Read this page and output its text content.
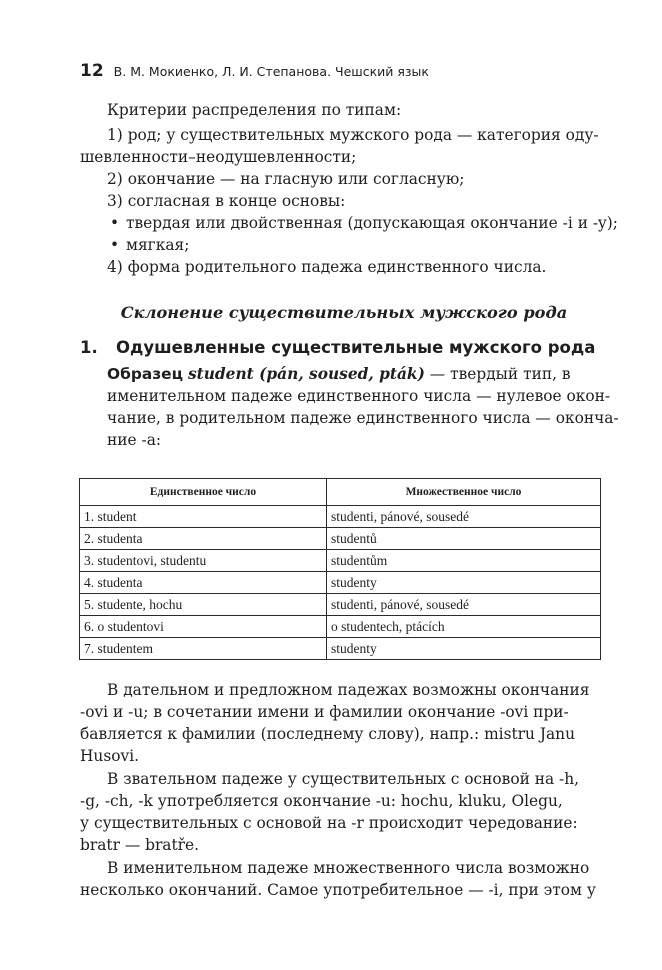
12 В. М. Мокиенко, Л. И. Степанова. Чешский язык
Критерии распределения по типам:
1) род; у существительных мужского рода — категория оду-
шевленности–неодушевленности;
2) окончание — на гласную или согласную;
3) согласная в конце основы:
• твердая или двойственная (допускающая окончание -i и -y);
• мягкая;
4) форма родительного падежа единственного числа.
Склонение существительных мужского рода
1. Одушевленные существительные мужского рода
Образец student (pán, soused, pták) — твердый тип, в
именительном падеже единственного числа — нулевое окон-
чание, в родительном падеже единственного числа — оконча-
ние -a:
Единственное число	Множественное число
1. student	studenti, pánové, sousedé
2. studenta	studentů
3. studentovi, studentu	studentům
4. studenta	studenty
5. studente, hochu	studenti, pánové, sousedé
6. o studentovi	o studentech, ptácích
7. studentem	studenty
В дательном и предложном падежах возможны окончания
-ovi и -u; в сочетании имени и фамилии окончание -ovi при-
бавляется к фамилии (последнему слову), напр.: mistru Janu
Husovi.
В звательном падеже у существительных с основой на -h,
-g, -ch, -k употребляется окончание -u: hochu, kluku, Olegu,
у существительных с основой на -r происходит чередование:
bratr — bratře.
В именительном падеже множественного числа возможно
несколько окончаний. Самое употребительное — -i, при этом у
